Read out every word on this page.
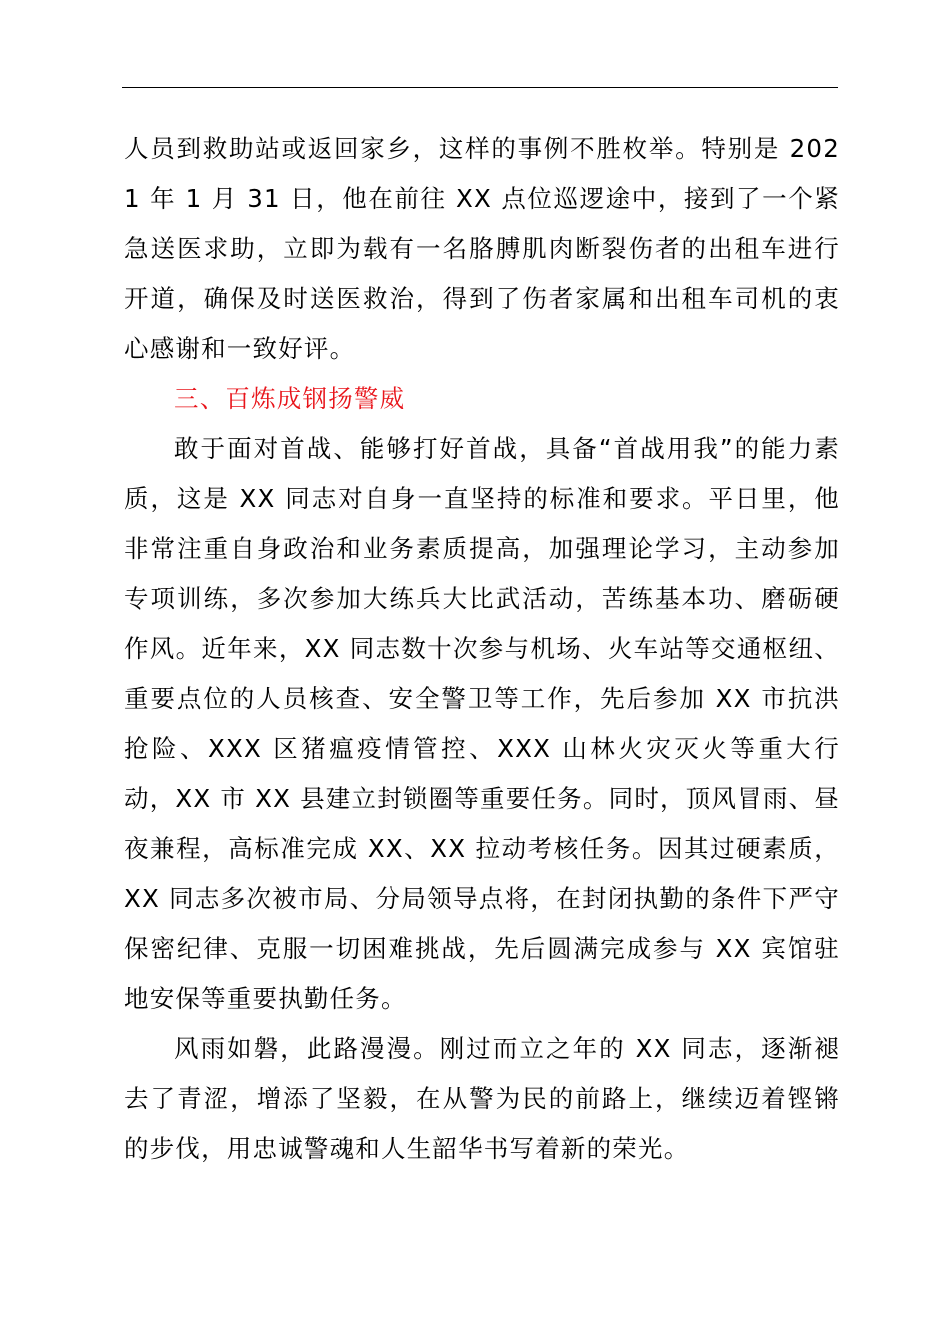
人员到救助站或返回家乡，这样的事例不胜枚举。特别是 2021 年 1 月 31 日，他在前往 XX 点位巡逻途中，接到了一个紧急送医求助，立即为载有一名胳膊肌肉断裂伤者的出租车进行开道，确保及时送医救治，得到了伤者家属和出租车司机的衷心感谢和一致好评。

三、百炼成钢扬警威

敢于面对首战、能够打好首战，具备“首战用我”的能力素质，这是 XX 同志对自身一直坚持的标准和要求。平日里，他非常注重自身政治和业务素质提高，加强理论学习，主动参加专项训练，多次参加大练兵大比武活动，苦练基本功、磨砺硬作风。近年来，XX 同志数十次参与机场、火车站等交通枢纽、重要点位的人员核查、安全警卫等工作，先后参加 XX 市抗洪抢险、XXX 区猪瘟疫情管控、XXX 山林火灾灭火等重大行动，XX 市 XX 县建立封锁圈等重要任务。同时，顶风冒雨、昼夜兼程，高标准完成 XX、XX 拉动考核任务。因其过硬素质，XX 同志多次被市局、分局领导点将，在封闭执勤的条件下严守保密纪律、克服一切困难挑战，先后圆满完成参与 XX 宾馆驻地安保等重要执勤任务。

风雨如磐，此路漫漫。刚过而立之年的 XX 同志，逐渐褪去了青涩，增添了坚毅，在从警为民的前路上，继续迈着铿锵的步伐，用忠诚警魂和人生韶华书写着新的荣光。
